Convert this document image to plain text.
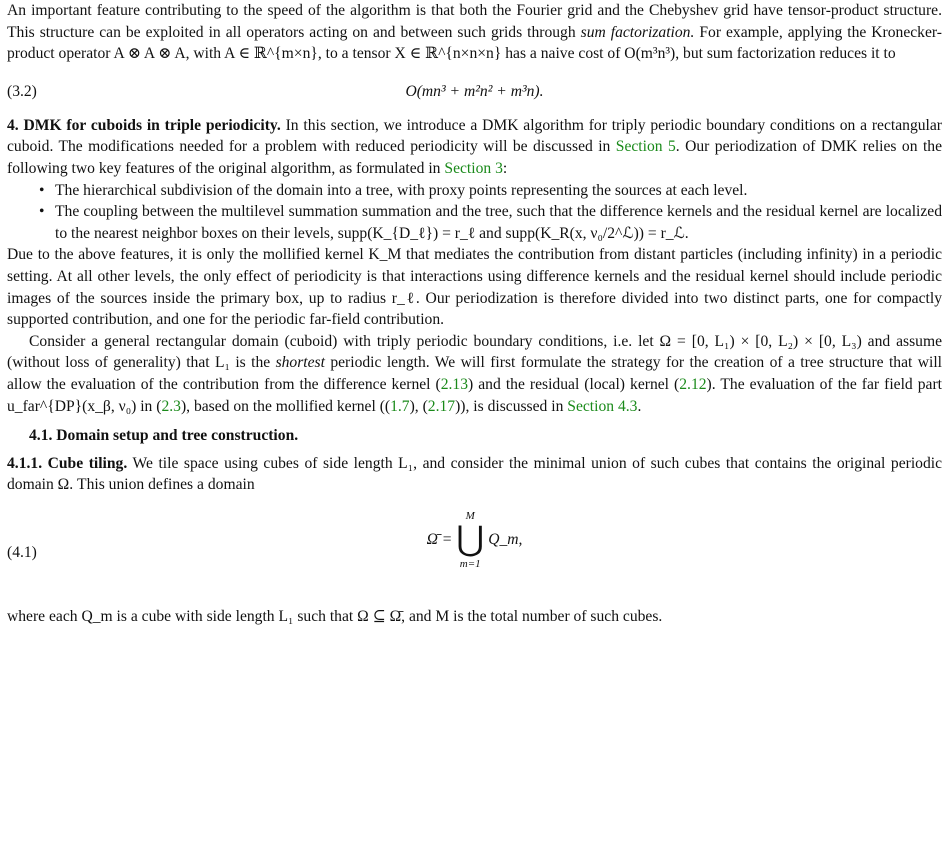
An important feature contributing to the speed of the algorithm is that both the Fourier grid and the Chebyshev grid have tensor-product structure. This structure can be exploited in all operators acting on and between such grids through sum factorization. For example, applying the Kronecker-product operator A ⊗ A ⊗ A, with A ∈ ℝ^{m×n}, to a tensor X ∈ ℝ^{n×n×n} has a naive cost of O(m³n³), but sum factorization reduces it to

(3.2)	O(mn³ + m²n² + m³n).

4. DMK for cuboids in triple periodicity. In this section, we introduce a DMK algorithm for triply periodic boundary conditions on a rectangular cuboid. The modifications needed for a problem with reduced periodicity will be discussed in Section 5. Our periodization of DMK relies on the following two key features of the original algorithm, as formulated in Section 3:

• The hierarchical subdivision of the domain into a tree, with proxy points representing the sources at each level.
• The coupling between the multilevel summation summation and the tree, such that the difference kernels and the residual kernel are localized to the nearest neighbor boxes on their levels, supp(K_{D_ℓ}) = r_ℓ and supp(K_R(x, ν₀/2^ℒ)) = r_ℒ.

Due to the above features, it is only the mollified kernel K_M that mediates the contribution from distant particles (including infinity) in a periodic setting. At all other levels, the only effect of periodicity is that interactions using difference kernels and the residual kernel should include periodic images of the sources inside the primary box, up to radius r_ℓ. Our periodization is therefore divided into two distinct parts, one for compactly supported contribution, and one for the periodic far-field contribution.

Consider a general rectangular domain (cuboid) with triply periodic boundary conditions, i.e. let Ω = [0, L₁) × [0, L₂) × [0, L₃) and assume (without loss of generality) that L₁ is the shortest periodic length. We will first formulate the strategy for the creation of a tree structure that will allow the evaluation of the contribution from the difference kernel (2.13) and the residual (local) kernel (2.12). The evaluation of the far field part u_far^{DP}(x_β, ν₀) in (2.3), based on the mollified kernel ((1.7), (2.17)), is discussed in Section 4.3.

4.1. Domain setup and tree construction.

4.1.1. Cube tiling. We tile space using cubes of side length L₁, and consider the minimal union of such cubes that contains the original periodic domain Ω. This union defines a domain

(4.1)
Ω̄ =
M
⋃
m=1
Q_m,

where each Q_m is a cube with side length L₁ such that Ω ⊆ Ω̄, and M is the total number of such cubes.
